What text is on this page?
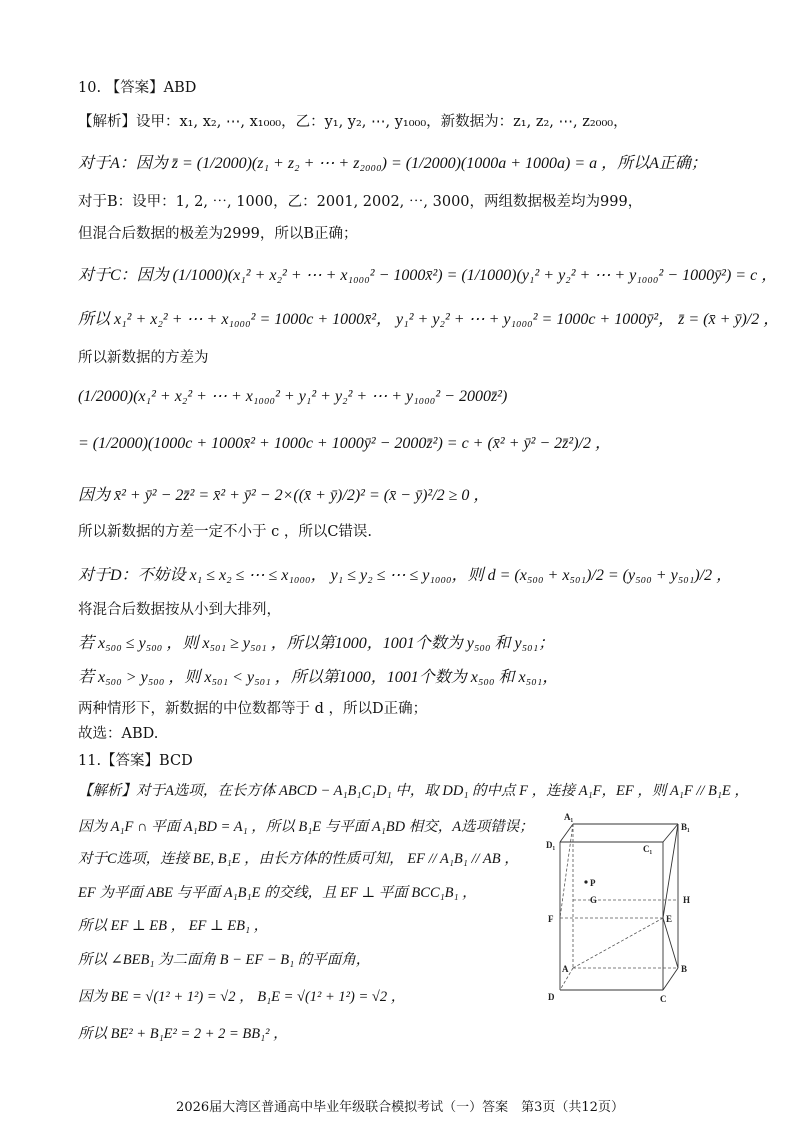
10. 【答案】ABD
【解析】设甲：x₁, x₂, ⋯, x₁₀₀₀，乙：y₁, y₂, ⋯, y₁₀₀₀，新数据为：z₁, z₂, ⋯, z₂₀₀₀，
对于A：因为 z̄ = (1/2000)(z₁ + z₂ + ⋯ + z₂₀₀₀) = (1/2000)(1000a + 1000a) = a ，所以A正确；
对于B：设甲：1, 2, ⋯, 1000，乙：2001, 2002, ⋯, 3000，两组数据极差均为999，
但混合后数据的极差为2999，所以B正确；
对于C：因为 (1/1000)(x₁² + x₂² + ⋯ + x₁₀₀₀² − 1000x̄²) = (1/1000)(y₁² + y₂² + ⋯ + y₁₀₀₀² − 1000ȳ²) = c ，
所以 x₁² + x₂² + ⋯ + x₁₀₀₀² = 1000c + 1000x̄²， y₁² + y₂² + ⋯ + y₁₀₀₀² = 1000c + 1000ȳ²， z̄ = (x̄ + ȳ)/2 ，
所以新数据的方差为
(1/2000)(x₁² + x₂² + ⋯ + x₁₀₀₀² + y₁² + y₂² + ⋯ + y₁₀₀₀² − 2000z̄²)
= (1/2000)(1000c + 1000x̄² + 1000c + 1000ȳ² − 2000z̄²) = c + (x̄² + ȳ² − 2z̄²)/2 ，
因为 x̄² + ȳ² − 2z̄² = x̄² + ȳ² − 2×((x̄ + ȳ)/2)² = (x̄ − ȳ)²/2 ≥ 0 ，
所以新数据的方差一定不小于 c ，所以C错误.
对于D：不妨设 x₁ ≤ x₂ ≤ ⋯ ≤ x₁₀₀₀， y₁ ≤ y₂ ≤ ⋯ ≤ y₁₀₀₀，则 d = (x₅₀₀ + x₅₀₁)/2 = (y₅₀₀ + y₅₀₁)/2 ，
将混合后数据按从小到大排列，
若 x₅₀₀ ≤ y₅₀₀ ，则 x₅₀₁ ≥ y₅₀₁ ，所以第1000，1001个数为 y₅₀₀ 和 y₅₀₁；
若 x₅₀₀ > y₅₀₀ ，则 x₅₀₁ < y₅₀₁ ，所以第1000，1001个数为 x₅₀₀ 和 x₅₀₁，
两种情形下，新数据的中位数都等于 d ，所以D正确；
故选：ABD.
11.【答案】BCD
【解析】对于A选项，在长方体 ABCD − A₁B₁C₁D₁ 中，取 DD₁ 的中点 F ，连接 A₁F，EF ，则 A₁F // B₁E ，
因为 A₁F ∩ 平面 A₁BD = A₁ ，所以 B₁E 与平面 A₁BD 相交，A选项错误；
对于C选项，连接 BE, B₁E ，由长方体的性质可知， EF // A₁B₁ // AB ，
EF 为平面 ABE 与平面 A₁B₁E 的交线，且 EF ⊥ 平面 BCC₁B₁ ，
所以 EF ⊥ EB ， EF ⊥ EB₁ ，
所以 ∠BEB₁ 为二面角 B − EF − B₁ 的平面角，
因为 BE = √(1² + 1²) = √2 ， B₁E = √(1² + 1²) = √2 ，
所以 BE² + B₁E² = 2 + 2 = BB₁² ，
A₁
B₁
D₁	C₁
P
G	H
F	E
A	B
D	C
2026届大湾区普通高中毕业年级联合模拟考试（一）答案　第3页（共12页）
